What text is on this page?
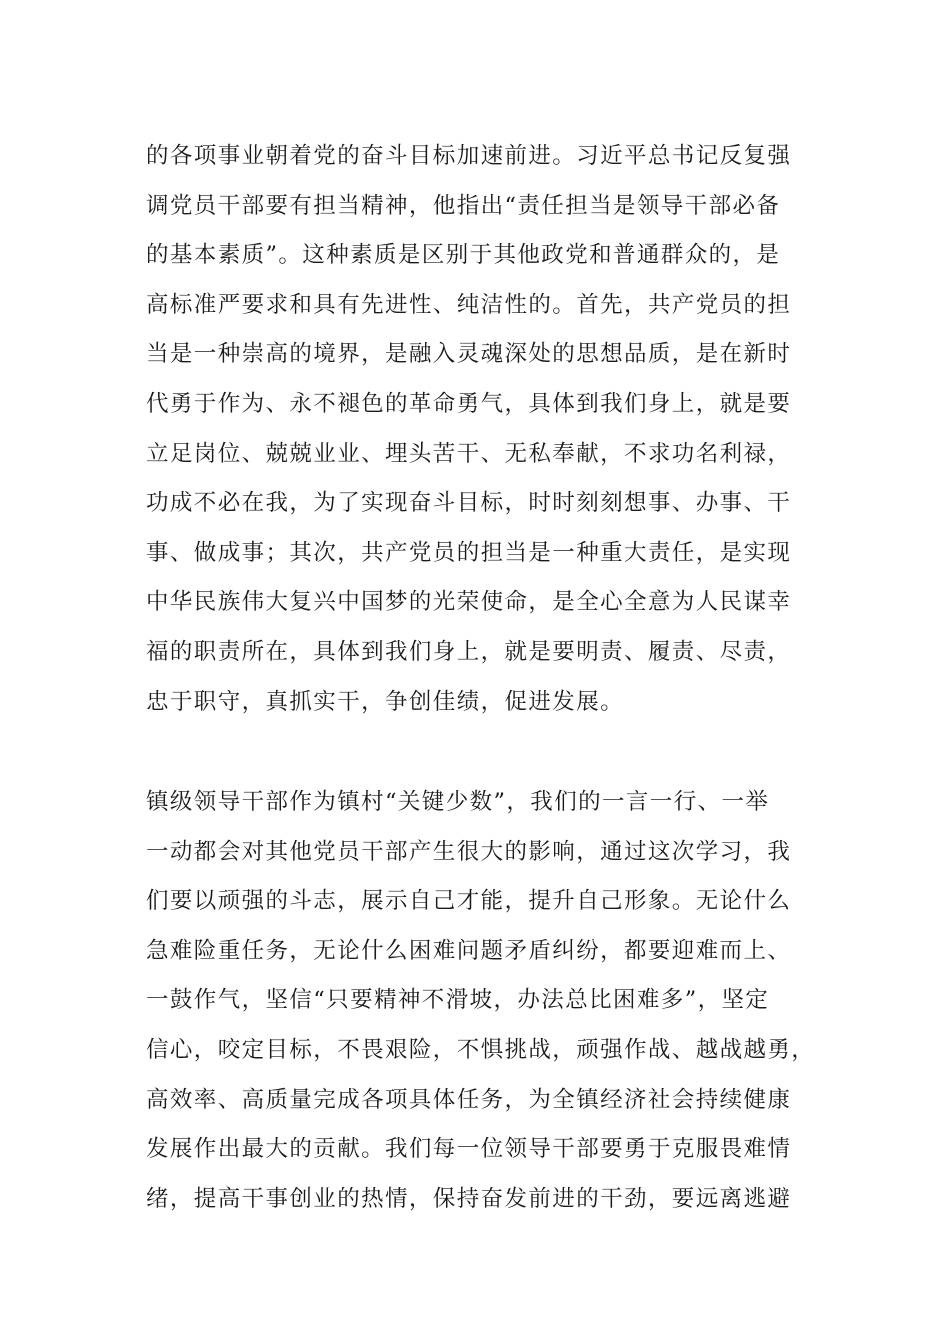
的各项事业朝着党的奋斗目标加速前进。习近平总书记反复强
调党员干部要有担当精神，他指出“责任担当是领导干部必备
的基本素质”。这种素质是区别于其他政党和普通群众的，是
高标准严要求和具有先进性、纯洁性的。首先，共产党员的担
当是一种崇高的境界，是融入灵魂深处的思想品质，是在新时
代勇于作为、永不褪色的革命勇气，具体到我们身上，就是要
立足岗位、兢兢业业、埋头苦干、无私奉献，不求功名利禄，
功成不必在我，为了实现奋斗目标，时时刻刻想事、办事、干
事、做成事；其次，共产党员的担当是一种重大责任，是实现
中华民族伟大复兴中国梦的光荣使命，是全心全意为人民谋幸
福的职责所在，具体到我们身上，就是要明责、履责、尽责，
忠于职守，真抓实干，争创佳绩，促进发展。
镇级领导干部作为镇村“关键少数”，我们的一言一行、一举
一动都会对其他党员干部产生很大的影响，通过这次学习，我
们要以顽强的斗志，展示自己才能，提升自己形象。无论什么
急难险重任务，无论什么困难问题矛盾纠纷，都要迎难而上、
一鼓作气，坚信“只要精神不滑坡，办法总比困难多”，坚定
信心，咬定目标，不畏艰险，不惧挑战，顽强作战、越战越勇，
高效率、高质量完成各项具体任务，为全镇经济社会持续健康
发展作出最大的贡献。我们每一位领导干部要勇于克服畏难情
绪，提高干事创业的热情，保持奋发前进的干劲，要远离逃避
